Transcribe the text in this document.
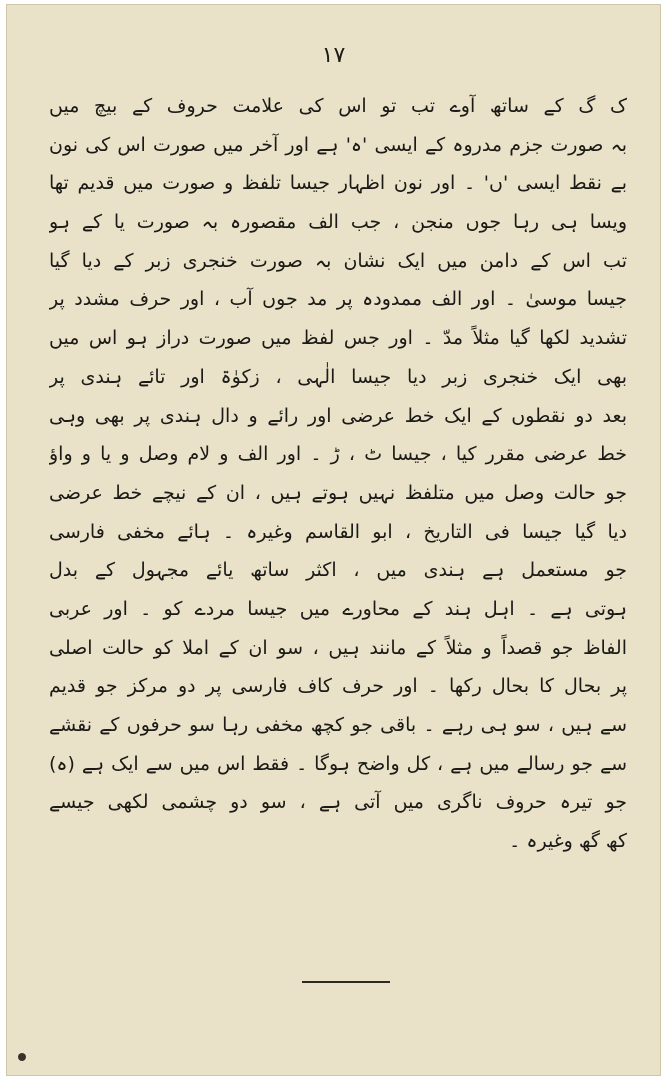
١٧
ک گ کے ساتھ آوے تب تو اس کی علامت حروف کے بیچ میں
بہ صورت جزم مدروہ کے ایسی 'ہ' ہے اور آخر میں صورت اس کی نون
بے نقط ایسی 'ں' ۔ اور نون اظہار جیسا تلفظ و صورت میں قدیم تھا
ویسا ہی رہا جوں منجن ، جب الف مقصورہ بہ صورت یا کے ہو
تب اس کے دامن میں ایک نشان بہ صورت خنجری زبر کے دیا گیا
جیسا موسیٰ ۔ اور الف ممدودہ پر مد جوں آب ، اور حرف مشدد پر
تشدید لکھا گیا مثلاً مدّ ۔ اور جس لفظ میں صورت دراز ہو اس میں
بھی ایک خنجری زبر دیا جیسا الٰہی ، زکوٰۃ اور تائے ہندی پر
بعد دو نقطوں کے ایک خط عرضی اور رائے و دال ہندی پر بھی وہی
خط عرضی مقرر کیا ، جیسا ٹ ، ڑ ۔ اور الف و لام وصل و یا و واؤ
جو حالت وصل میں متلفظ نہیں ہوتے ہیں ، ان کے نیچے خط عرضی
دیا گیا جیسا فی التاریخ ، ابو القاسم وغیرہ ۔ ہائے مخفی فارسی
جو مستعمل ہے ہندی میں ، اکثر ساتھ یائے مجہول کے بدل
ہوتی ہے ۔ اہل ہند کے محاورے میں جیسا مردے کو ۔ اور عربی
الفاظ جو قصداً و مثلاً کے مانند ہیں ، سو ان کے املا کو حالت اصلی
پر بحال کا بحال رکھا ۔ اور حرف کاف فارسی پر دو مرکز جو قدیم
سے ہیں ، سو ہی رہے ۔ باقی جو کچھ مخفی رہا سو حرفوں کے نقشے
سے جو رسالے میں ہے ، کل واضح ہوگا ۔ فقط اس میں سے ایک ہے (ہ)
جو تیرہ حروف ناگری میں آتی ہے ، سو دو چشمی لکھی جیسے
کھ گھ وغیرہ ۔
